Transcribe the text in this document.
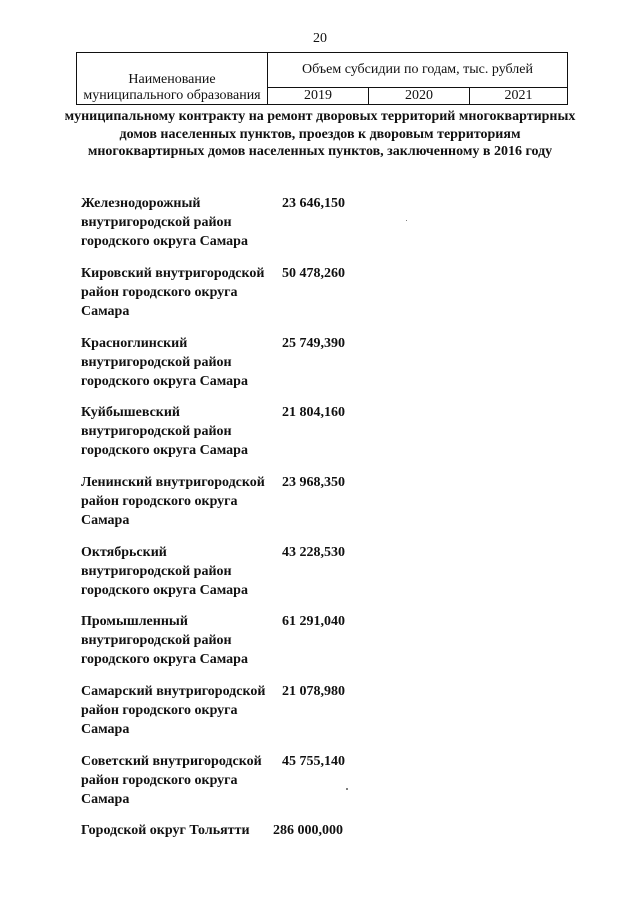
20
Наименование муниципального образования	Объем субсидии по годам, тыс. рублей		
	2019	2020	2021
муниципальному контракту на ремонт дворовых территорий многоквартирных домов населенных пунктов, проездов к дворовым территориям многоквартирных домов населенных пунктов, заключенному в 2016 году
Железнодорожный внутригородской район городского округа Самара
23 646,150
Кировский внутригородской район городского округа Самара
50 478,260
Красноглинский внутригородской район городского округа Самара
25 749,390
Куйбышевский внутригородской район городского округа Самара
21 804,160
Ленинский внутригородской район городского округа Самара
23 968,350
Октябрьский внутригородской район городского округа Самара
43 228,530
Промышленный внутригородской район городского округа Самара
61 291,040
Самарский внутригородской район городского округа Самара
21 078,980
Советский внутригородской район городского округа Самара
45 755,140
Городской округ Тольятти	286 000,000
